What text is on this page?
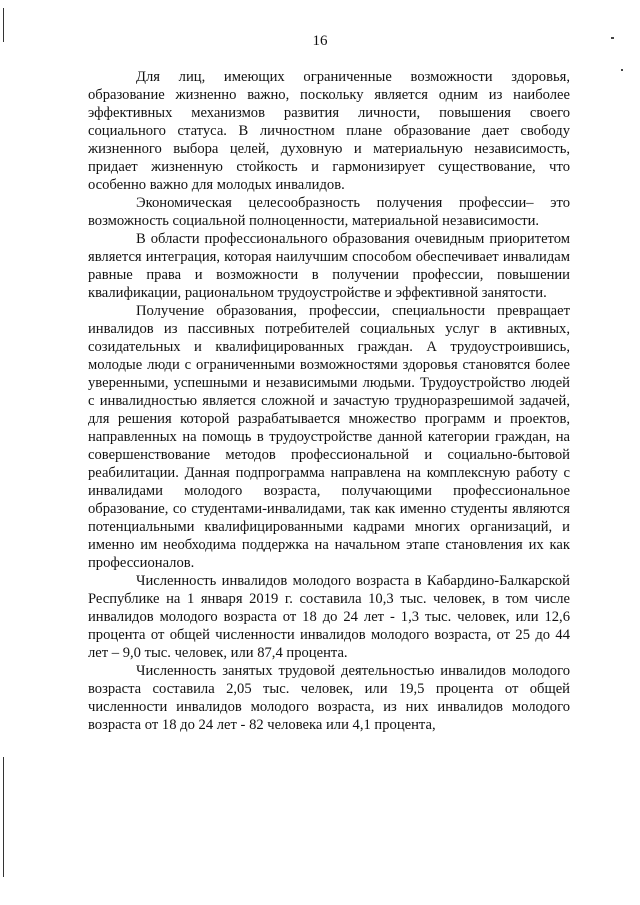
16

Для лиц, имеющих ограниченные возможности здоровья, образование жизненно важно, поскольку является одним из наиболее эффективных механизмов развития личности, повышения своего социального статуса. В личностном плане образование дает свободу жизненного выбора целей, духовную и материальную независимость, придает жизненную стойкость и гармонизирует существование, что особенно важно для молодых инвалидов.

Экономическая целесообразность получения профессии– это возможность социальной полноценности, материальной независимости.

В области профессионального образования очевидным приоритетом является интеграция, которая наилучшим способом обеспечивает инвалидам равные права и возможности в получении профессии, повышении квалификации, рациональном трудоустройстве и эффективной занятости.

Получение образования, профессии, специальности превращает инвалидов из пассивных потребителей социальных услуг в активных, созидательных и квалифицированных граждан. А трудоустроившись, молодые люди с ограниченными возможностями здоровья становятся более уверенными, успешными и независимыми людьми. Трудоустройство людей с инвалидностью является сложной и зачастую трудноразрешимой задачей, для решения которой разрабатывается множество программ и проектов, направленных на помощь в трудоустройстве данной категории граждан, на совершенствование методов профессиональной и социально-бытовой реабилитации. Данная подпрограмма направлена на комплексную работу с инвалидами молодого возраста, получающими профессиональное образование, со студентами-инвалидами, так как именно студенты являются потенциальными квалифицированными кадрами многих организаций, и именно им необходима поддержка на начальном этапе становления их как профессионалов.

Численность инвалидов молодого возраста в Кабардино-Балкарской Республике на 1 января 2019 г. составила 10,3 тыс. человек, в том числе инвалидов молодого возраста от 18 до 24 лет - 1,3 тыс. человек, или 12,6 процента от общей численности инвалидов молодого возраста, от 25 до 44 лет – 9,0 тыс. человек, или 87,4 процента.

Численность занятых трудовой деятельностью инвалидов молодого возраста составила 2,05 тыс. человек, или 19,5 процента от общей численности инвалидов молодого возраста, из них инвалидов молодого возраста от 18 до 24 лет - 82 человека или 4,1 процента,
